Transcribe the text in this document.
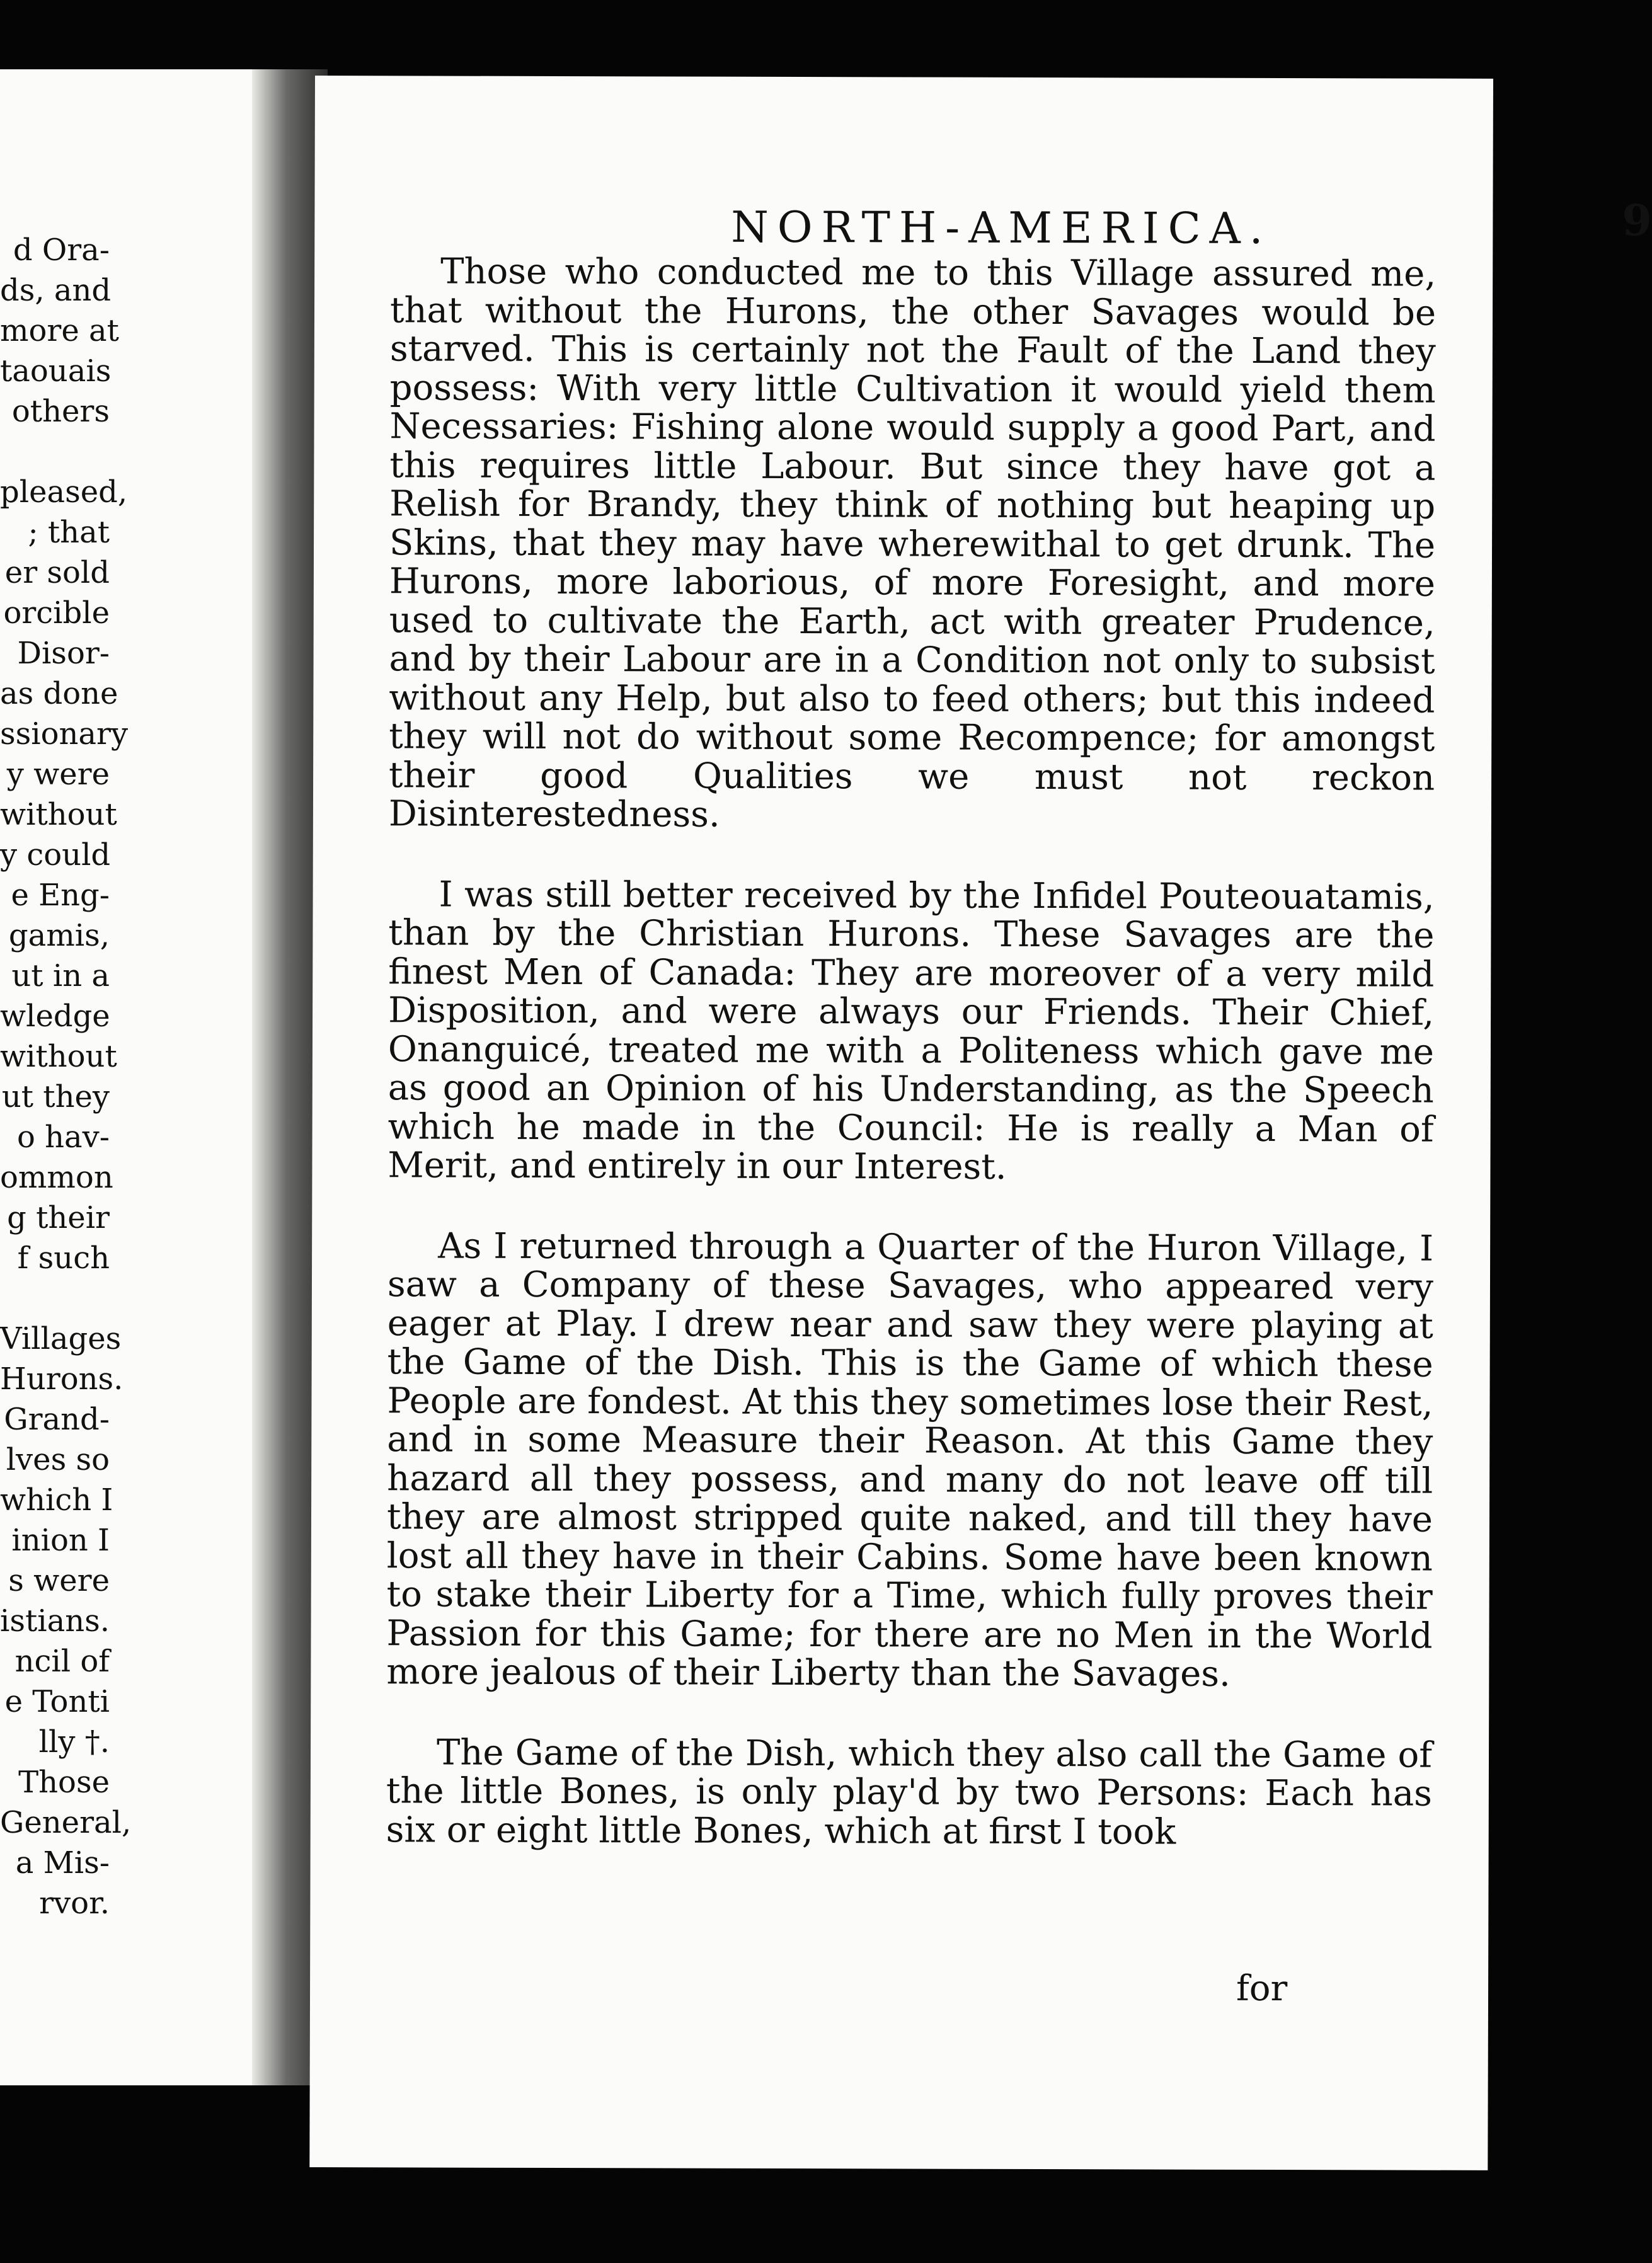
d Ora-
ds, and
more at
taouais
others
pleased,
; that
er sold
orcible
Disor-
as done
ssionary
y were
without
y could
e Eng-
gamis,
ut in a
wledge
without
ut they
o hav-
ommon
g their
f such
Villages
Hurons.
Grand-
lves so
which I
inion I
s were
istians.
ncil of
e Tonti
lly †.
Those
General,
a Mis-
rvor.
NORTH-AMERICA.	9

Those who conducted me to this Village assured me, that without the Hurons, the other Savages would be starved. This is certainly not the Fault of the Land they possess: With very little Cultivation it would yield them Necessaries: Fishing alone would supply a good Part, and this requires little Labour. But since they have got a Relish for Brandy, they think of nothing but heaping up Skins, that they may have wherewithal to get drunk. The Hurons, more laborious, of more Foresight, and more used to cultivate the Earth, act with greater Prudence, and by their Labour are in a Condition not only to subsist without any Help, but also to feed others; but this indeed they will not do without some Recompence; for amongst their good Qualities we must not reckon Disinterestedness.

I was still better received by the Infidel Pouteouatamis, than by the Christian Hurons. These Savages are the finest Men of Canada: They are moreover of a very mild Disposition, and were always our Friends. Their Chief, Onanguicé, treated me with a Politeness which gave me as good an Opinion of his Understanding, as the Speech which he made in the Council: He is really a Man of Merit, and entirely in our Interest.

As I returned through a Quarter of the Huron Village, I saw a Company of these Savages, who appeared very eager at Play. I drew near and saw they were playing at the Game of the Dish. This is the Game of which these People are fondest. At this they sometimes lose their Rest, and in some Measure their Reason. At this Game they hazard all they possess, and many do not leave off till they are almost stripped quite naked, and till they have lost all they have in their Cabins. Some have been known to stake their Liberty for a Time, which fully proves their Passion for this Game; for there are no Men in the World more jealous of their Liberty than the Savages.

The Game of the Dish, which they also call the Game of the little Bones, is only play'd by two Persons: Each has six or eight little Bones, which at first I took

for
